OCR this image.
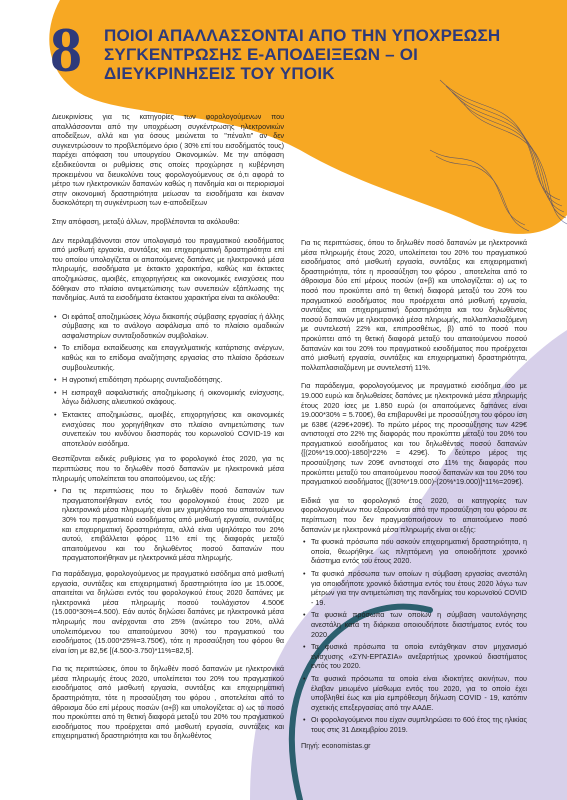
8 ΠΟΙΟΙ ΑΠΑΛΛΑΣΣΟΝΤΑΙ ΑΠΟ ΤΗΝ ΥΠΟΧΡΕΩΣΗ ΣΥΓΚΕΝΤΡΩΣΗΣ Ε-ΑΠΟΔΕΙΞΕΩΝ – ΟΙ ΔΙΕΥΚΡΙΝΗΣΕΙΣ ΤΟΥ ΥΠΟΙΚ

Διευκρινίσεις για τις κατηγορίες των φορολογούμενων που απαλλάσσονται από την υποχρέωση συγκέντρωσης ηλεκτρονικών αποδείξεων, αλλά και για όσους μειώνεται το "πέναλτι" αν δεν συγκεντρώσουν το προβλεπόμενο όριο ( 30% επί του εισοδήματός τους) παρέχει απόφαση του υπουργείου Οικονομικών. Με την απόφαση εξειδικεύονται οι ρυθμίσεις στις οποίες προχώρησε η κυβέρνηση προκειμένου να διευκολύνει τους φορολογούμενους σε ό,τι αφορά το μέτρο των ηλεκτρονικών δαπανών καθώς η πανδημία και οι περιορισμοί στην οικονομική δραστηριότητα μείωσαν τα εισοδήματα και έκαναν δυσκολότερη τη συγκέντρωση των e-αποδείξεων

Στην απόφαση, μεταξύ άλλων, προβλέπονται τα ακόλουθα:

Δεν περιλαμβάνονται στον υπολογισμό του πραγματικού εισοδήματος από μισθωτή εργασία, συντάξεις και επιχειρηματική δραστηριότητα επί του οποίου υπολογίζεται οι απαιτούμενες δαπάνες με ηλεκτρονικά μέσα πληρωμής, εισοδήματα με έκτακτο χαρακτήρα, καθώς και έκτακτες αποζημιώσεις, αμοιβές, επιχορηγήσεις και οικονομικές ενισχύσεις που δόθηκαν στο πλαίσιο αντιμετώπισης των συνεπειών εξάπλωσης της πανδημίας. Αυτά τα εισοδήματα έκτακτου χαρακτήρα είναι τα ακόλουθα:

• Οι εφάπαξ αποζημιώσεις λόγω διακοπής σύμβασης εργασίας ή άλλης σύμβασης και το ανάλογο ασφάλισμα από το πλαίσιο ομαδικών ασφαλιστηρίων συνταξιοδοτικών συμβολαίων.
• Το επίδομα εκπαίδευσης και επαγγελματικής κατάρτισης ανέργων, καθώς και το επίδομα αναζήτησης εργασίας στο πλαίσιο δράσεων συμβουλευτικής.
• Η αγροτική επιδότηση πρόωρης συνταξιοδότησης.
• Η εισπραχθ ασφαλιστικής αποζημίωσης ή οικονομικής ενίσχυσης, λόγω διάλυσης αλιευτικού σκάφους.
• Έκτακτες αποζημιώσεις, αμοιβές, επιχορηγήσεις και οικονομικές ενισχύσεις που χορηγήθηκαν στο πλαίσιο αντιμετώπισης των συνεπειών του κινδύνου διασποράς του κορωνοϊού COVID-19 και αποτελούν εισόδημα.

Θεσπίζονται ειδικές ρυθμίσεις για το φορολογικό έτος 2020, για τις περιπτώσεις που το δηλωθέν ποσό δαπανών με ηλεκτρονικά μέσα πληρωμής υπολείπεται του απαιτούμενου, ως εξής:

• Για τις περιπτώσεις που το δηλωθέν ποσό δαπανών των πραγματοποιήθηκαν εντός του φορολογικού έτους 2020 με ηλεκτρονικά μέσα πληρωμής είναι μεν χαμηλότερο του απαιτούμενου 30% του πραγματικού εισοδήματος από μισθωτή εργασία, συντάξεις και επιχειρηματική δραστηριότητα, αλλά είναι υψηλότερο του 20% αυτού, επιβάλλεται φόρος 11% επί της διαφοράς μεταξύ απαιτούμενου και του δηλωθέντος ποσού δαπανών που πραγματοποιήθηκαν με ηλεκτρονικά μέσα πληρωμής.

Για παράδειγμα, φορολογούμενος με πραγματικό εισόδημα από μισθωτή εργασία, συντάξεις και επιχειρηματική δραστηριότητα ίσο με 15.000€, απαιτείται να δηλώσει εντός του φορολογικού έτους 2020 δαπάνες με ηλεκτρονικά μέσα πληρωμής ποσού τουλάχιστον 4.500€ (15.000*30%=4.500). Εάν αυτός δηλώσει δαπάνες με ηλεκτρονικά μέσα πληρωμής που ανέρχονται στο 25% (ανώτερο του 20%, αλλά υπολειπόμενου του απαιτούμενου 30%) του πραγματικού του εισοδήματος (15.000*25%=3.750€), τότε η προσαύξηση του φόρου θα είναι ίση με 82,5€ [(4.500-3.750)*11%=82,5].

Για τις περιπτώσεις, όπου το δηλωθέν ποσό δαπανών με ηλεκτρονικά μέσα πληρωμής έτους 2020, υπολείπεται του 20% του πραγματικού εισοδήματος από μισθωτή εργασία, συντάξεις και επιχειρηματική δραστηριότητα, τότε η προσαύξηση του φόρου , αποτελείται από το άθροισμα δύο επί μέρους ποσών (α+β) και υπολογίζεται: α) ως το ποσό που προκύπτει από τη θετική διαφορά μεταξύ του 20% του πραγματικού εισοδήματος που προέρχεται από μισθωτή εργασία, συντάξεις και επιχειρηματική δραστηριότητα και του δηλωθέντος

Για τις περιπτώσεις, όπου το δηλωθέν ποσό δαπανών με ηλεκτρονικά μέσα πληρωμής έτους 2020, υπολείπεται του 20% του πραγματικού εισοδήματος από μισθωτή εργασία, συντάξεις και επιχειρηματική δραστηριότητα, τότε η προσαύξηση του φόρου , αποτελείται από το άθροισμα δύο επί μέρους ποσών (α+β) και υπολογίζεται: α) ως το ποσό που προκύπτει από τη θετική διαφορά μεταξύ του 20% του πραγματικού εισοδήματος που προέρχεται από μισθωτή εργασία, συντάξεις και επιχειρηματική δραστηριότητα και του δηλωθέντος ποσού δαπανών με ηλεκτρονικά μέσα πληρωμής, πολλαπλασιαζόμενη με συντελεστή 22% και, επιπροσθέτως, β) από το ποσό που προκύπτει από τη θετική διαφορά μεταξύ του απαιτούμενου ποσού δαπανών και του 20% του πραγματικού εισοδήματος που προέρχεται από μισθωτή εργασία, συντάξεις και επιχειρηματική δραστηριότητα, πολλαπλασιαζόμενη με συντελεστή 11%.

Για παράδειγμα, φορολογούμενος με πραγματικό εισόδημα ίσο με 19.000 ευρώ και δηλωθείσες δαπάνες με ηλεκτρονικά μέσα πληρωμής έτους 2020 ίσες με 1.850 ευρώ (οι απαιτούμενες δαπάνες είναι 19.000*30% = 5.700€), θα επιβαρυνθεί με προσαύξηση του φόρου ίση με 638€ (429€+209€). Το πρώτο μέρος της προσαύξησης των 429€ αντιστοιχεί στο 22% της διαφοράς που προκύπτει μεταξύ του 20% του πραγματικού εισοδήματος και του δηλωθέντος ποσού δαπανών {[(20%*19.000)-1850]*22% = 429€}. Το δεύτερο μέρος της προσαύξησης των 209€ αντιστοιχεί στο 11% της διαφοράς που προκύπτει μεταξύ του απαιτούμενου ποσού δαπανών και του 20% του πραγματικού εισοδήματος {[(30%*19.000)-(20%*19.000)]*11%=209€}.

Ειδικά για το φορολογικό έτος 2020, οι κατηγορίες των φορολογουμένων που εξαιρούνται από την προσαύξηση του φόρου σε περίπτωση που δεν πραγματοποιήσουν το απαιτούμενο ποσό δαπανών με ηλεκτρονικά μέσα πληρωμής είναι οι εξής:

• Τα φυσικά πρόσωπα που ασκούν επιχειρηματική δραστηριότητα, η οποία, θεωρήθηκε ως πληττόμενη για οποιοδήποτε χρονικό διάστημα εντός του έτους 2020.
• Τα φυσικά πρόσωπα των οποίων η σύμβαση εργασίας ανεστάλη για οποιοδήποτε χρονικό διάστημα εντός του έτους 2020 λόγω των μέτρων για την αντιμετώπιση της πανδημίας του κορωνοϊού COVID - 19.
• Τα φυσικά πρόσωπα των οποίων η σύμβαση ναυτολόγησης ανεστάλη κατά τη διάρκεια οποιουδήποτε διαστήματος εντός του 2020.
• Τα φυσικά πρόσωπα τα οποία εντάχθηκαν στον μηχανισμό ενίσχυσης «ΣΥΝ-ΕΡΓΑΣΙΑ» ανεξαρτήτως χρονικού διαστήματος εντός του 2020.
• Τα φυσικά πρόσωπα τα οποία είναι ιδιοκτήτες ακινήτων, που έλαβαν μειωμένο μίσθωμα εντός του 2020, για το οποίο έχει υποβληθεί έως και μία εμπρόθεσμη δήλωση COVID - 19, κατόπιν σχετικής επεξεργασίας από την ΑΑΔΕ.
• Οι φορολογούμενοι που είχαν συμπληρώσει το 60ό έτος της ηλικίας τους στις 31 Δεκεμβρίου 2019.

Πηγή: economistas.gr
